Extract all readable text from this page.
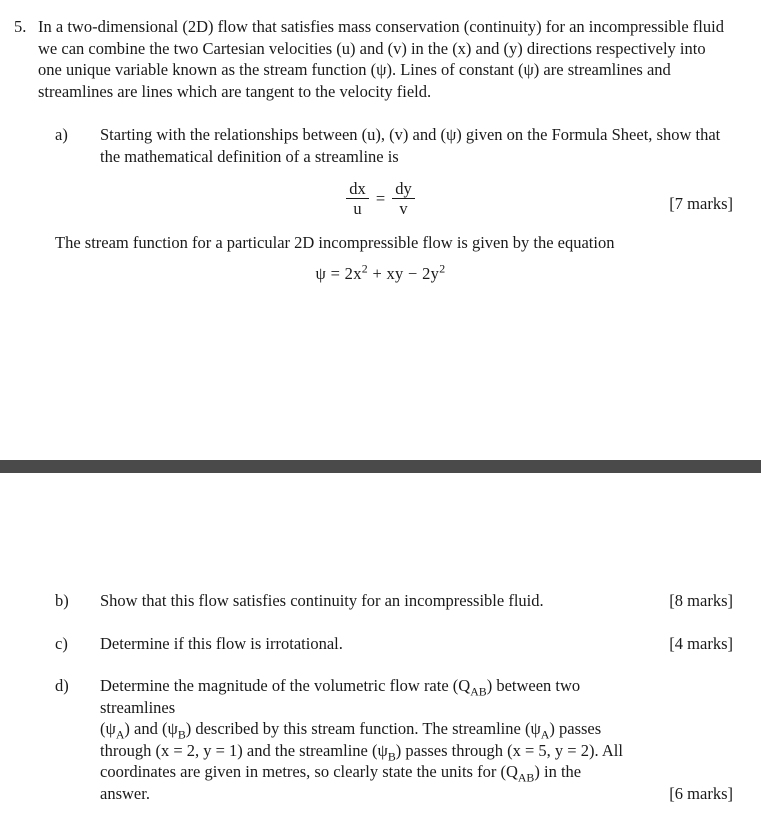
5. In a two-dimensional (2D) flow that satisfies mass conservation (continuity) for an incompressible fluid we can combine the two Cartesian velocities (u) and (v) in the (x) and (y) directions respectively into one unique variable known as the stream function (ψ). Lines of constant (ψ) are streamlines and streamlines are lines which are tangent to the velocity field.
a)	Starting with the relationships between (u), (v) and (ψ) given on the Formula Sheet, show that the mathematical definition of a streamline is
$\frac{dx}{u} = \frac{dy}{v}$	[7 marks]
The stream function for a particular 2D incompressible flow is given by the equation
$\psi = 2x^2$ + xy − $2y^2$
b)	Show that this flow satisfies continuity for an incompressible fluid.	[8 marks]
c)	Determine if this flow is irrotational.	[4 marks]
d)	Determine the magnitude of the volumetric flow rate $(Q_{AB})$ between two
streamlines
$(\psi_A)$ and $(\psi_B)$ described by this stream function. The streamline $(\psi_A)$ passes
through (x = 2, y = 1) and the streamline $(\psi_B)$ passes through (x = 5, y = 2). All
coordinates are given in metres, so clearly state the units for $(Q_{AB})$ in the
answer.	[6 marks]
